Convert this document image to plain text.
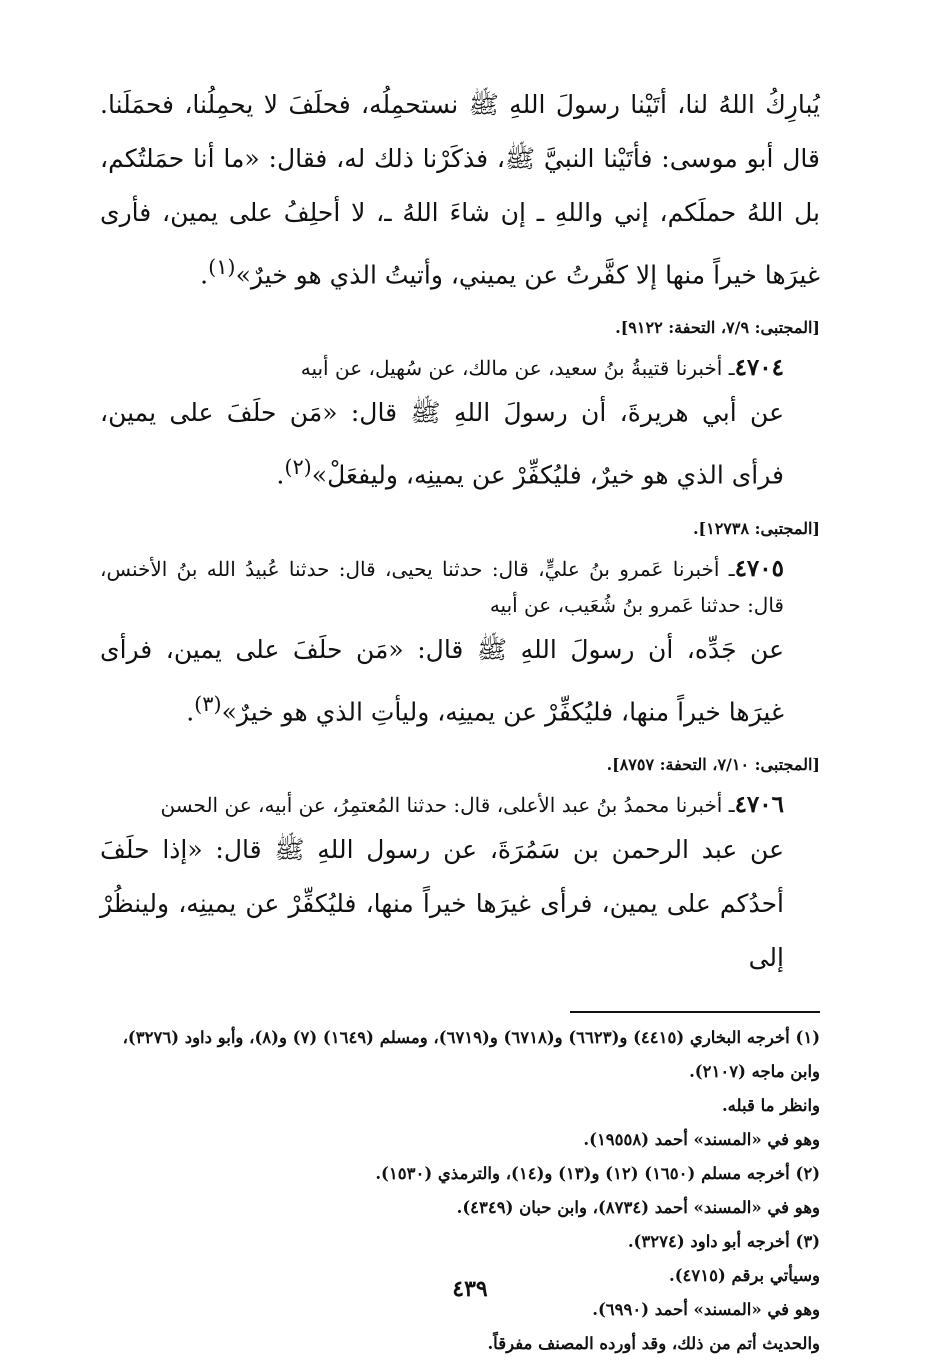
يُبارِكُ اللهُ لنا، أتَيْنا رسولَ اللهِ ﷺ نستحمِلُه، فحلَفَ لا يحمِلُنا، فحمَلَنا. قال أبو موسى: فأتَيْنا النبيَّ ﷺ، فذكَرْنا ذلك له، فقال: «ما أنا حمَلتُكم، بل اللهُ حملَكم، إني واللهِ ـ إن شاءَ اللهُ ـ، لا أحلِفُ على يمين، فأرى غيرَها خيراً منها إلا كفَّرتُ عن يميني، وأتيتُ الذي هو خيرٌ»$^{(١)}$.
[المجتبى: ٧/٩، التحفة: ٩١٢٢].
٤٧٠٤ـ أخبرنا قتيبةُ بنُ سعيد، عن مالك، عن سُهيل، عن أبيه
عن أبي هريرةَ، أن رسولَ اللهِ ﷺ قال: «مَن حلَفَ على يمين، فرأى الذي هو خيرٌ، فليُكفِّرْ عن يمينِه، وليفعَلْ»$^{(٢)}$.
[المجتبى: ١٢٧٣٨].
٤٧٠٥ـ أخبرنا عَمرو بنُ عليٍّ، قال: حدثنا يحيى، قال: حدثنا عُبيدُ الله بنُ الأخنس، قال: حدثنا عَمرو بنُ شُعَيب، عن أبيه
عن جَدِّه، أن رسولَ اللهِ ﷺ قال: «مَن حلَفَ على يمين، فرأى غيرَها خيراً منها، فليُكفِّرْ عن يمينِه، وليأتِ الذي هو خيرٌ»$^{(٣)}$.
[المجتبى: ٧/١٠، التحفة: ٨٧٥٧].
٤٧٠٦ـ أخبرنا محمدُ بنُ عبد الأعلى، قال: حدثنا المُعتمِرُ، عن أبيه، عن الحسن
عن عبد الرحمن بن سَمُرَةَ، عن رسول اللهِ ﷺ قال: «إذا حلَفَ أحدُكم على يمين، فرأى غيرَها خيراً منها، فليُكفِّرْ عن يمينِه، ولينظُرْ إلى
(١) أخرجه البخاري (٤٤١٥) و(٦٦٢٣) و(٦٧١٨) و(٦٧١٩)، ومسلم (١٦٤٩) (٧) و(٨)، وأبو داود (٣٢٧٦)، وابن ماجه (٢١٠٧).
وانظر ما قبله.
وهو في «المسند» أحمد (١٩٥٥٨).
(٢) أخرجه مسلم (١٦٥٠) (١٢) و(١٣) و(١٤)، والترمذي (١٥٣٠).
وهو في «المسند» أحمد (٨٧٣٤)، وابن حبان (٤٣٤٩).
(٣) أخرجه أبو داود (٣٢٧٤).
وسيأتي برقم (٤٧١٥).
وهو في «المسند» أحمد (٦٩٩٠).
والحديث أتم من ذلك، وقد أورده المصنف مفرقاً.
٤٣٩
